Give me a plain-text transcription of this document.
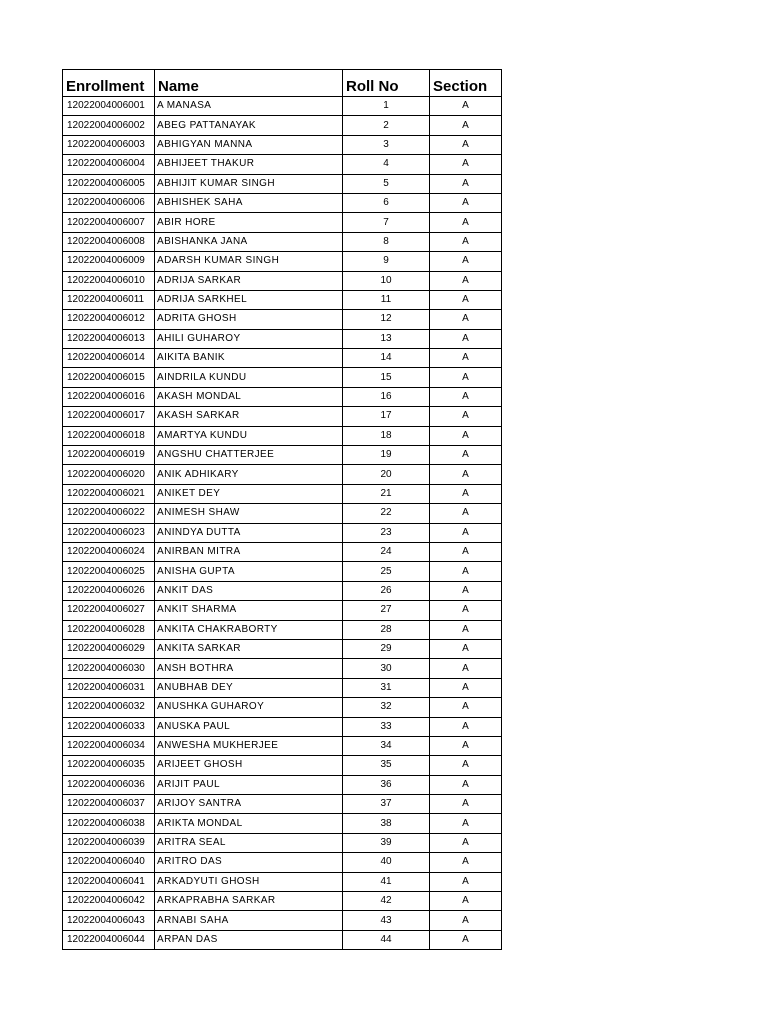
Enrollment	Name	Roll No	Section
12022004006001	A MANASA	1	A
12022004006002	ABEG PATTANAYAK	2	A
12022004006003	ABHIGYAN MANNA	3	A
12022004006004	ABHIJEET THAKUR	4	A
12022004006005	ABHIJIT KUMAR SINGH	5	A
12022004006006	ABHISHEK SAHA	6	A
12022004006007	ABIR HORE	7	A
12022004006008	ABISHANKA JANA	8	A
12022004006009	ADARSH KUMAR SINGH	9	A
12022004006010	ADRIJA SARKAR	10	A
12022004006011	ADRIJA SARKHEL	11	A
12022004006012	ADRITA GHOSH	12	A
12022004006013	AHILI GUHAROY	13	A
12022004006014	AIKITA BANIK	14	A
12022004006015	AINDRILA KUNDU	15	A
12022004006016	AKASH MONDAL	16	A
12022004006017	AKASH SARKAR	17	A
12022004006018	AMARTYA KUNDU	18	A
12022004006019	ANGSHU CHATTERJEE	19	A
12022004006020	ANIK ADHIKARY	20	A
12022004006021	ANIKET DEY	21	A
12022004006022	ANIMESH SHAW	22	A
12022004006023	ANINDYA DUTTA	23	A
12022004006024	ANIRBAN MITRA	24	A
12022004006025	ANISHA GUPTA	25	A
12022004006026	ANKIT DAS	26	A
12022004006027	ANKIT SHARMA	27	A
12022004006028	ANKITA CHAKRABORTY	28	A
12022004006029	ANKITA SARKAR	29	A
12022004006030	ANSH BOTHRA	30	A
12022004006031	ANUBHAB DEY	31	A
12022004006032	ANUSHKA GUHAROY	32	A
12022004006033	ANUSKA PAUL	33	A
12022004006034	ANWESHA MUKHERJEE	34	A
12022004006035	ARIJEET GHOSH	35	A
12022004006036	ARIJIT PAUL	36	A
12022004006037	ARIJOY SANTRA	37	A
12022004006038	ARIKTA MONDAL	38	A
12022004006039	ARITRA SEAL	39	A
12022004006040	ARITRO DAS	40	A
12022004006041	ARKADYUTI GHOSH	41	A
12022004006042	ARKAPRABHA SARKAR	42	A
12022004006043	ARNABI SAHA	43	A
12022004006044	ARPAN DAS	44	A
